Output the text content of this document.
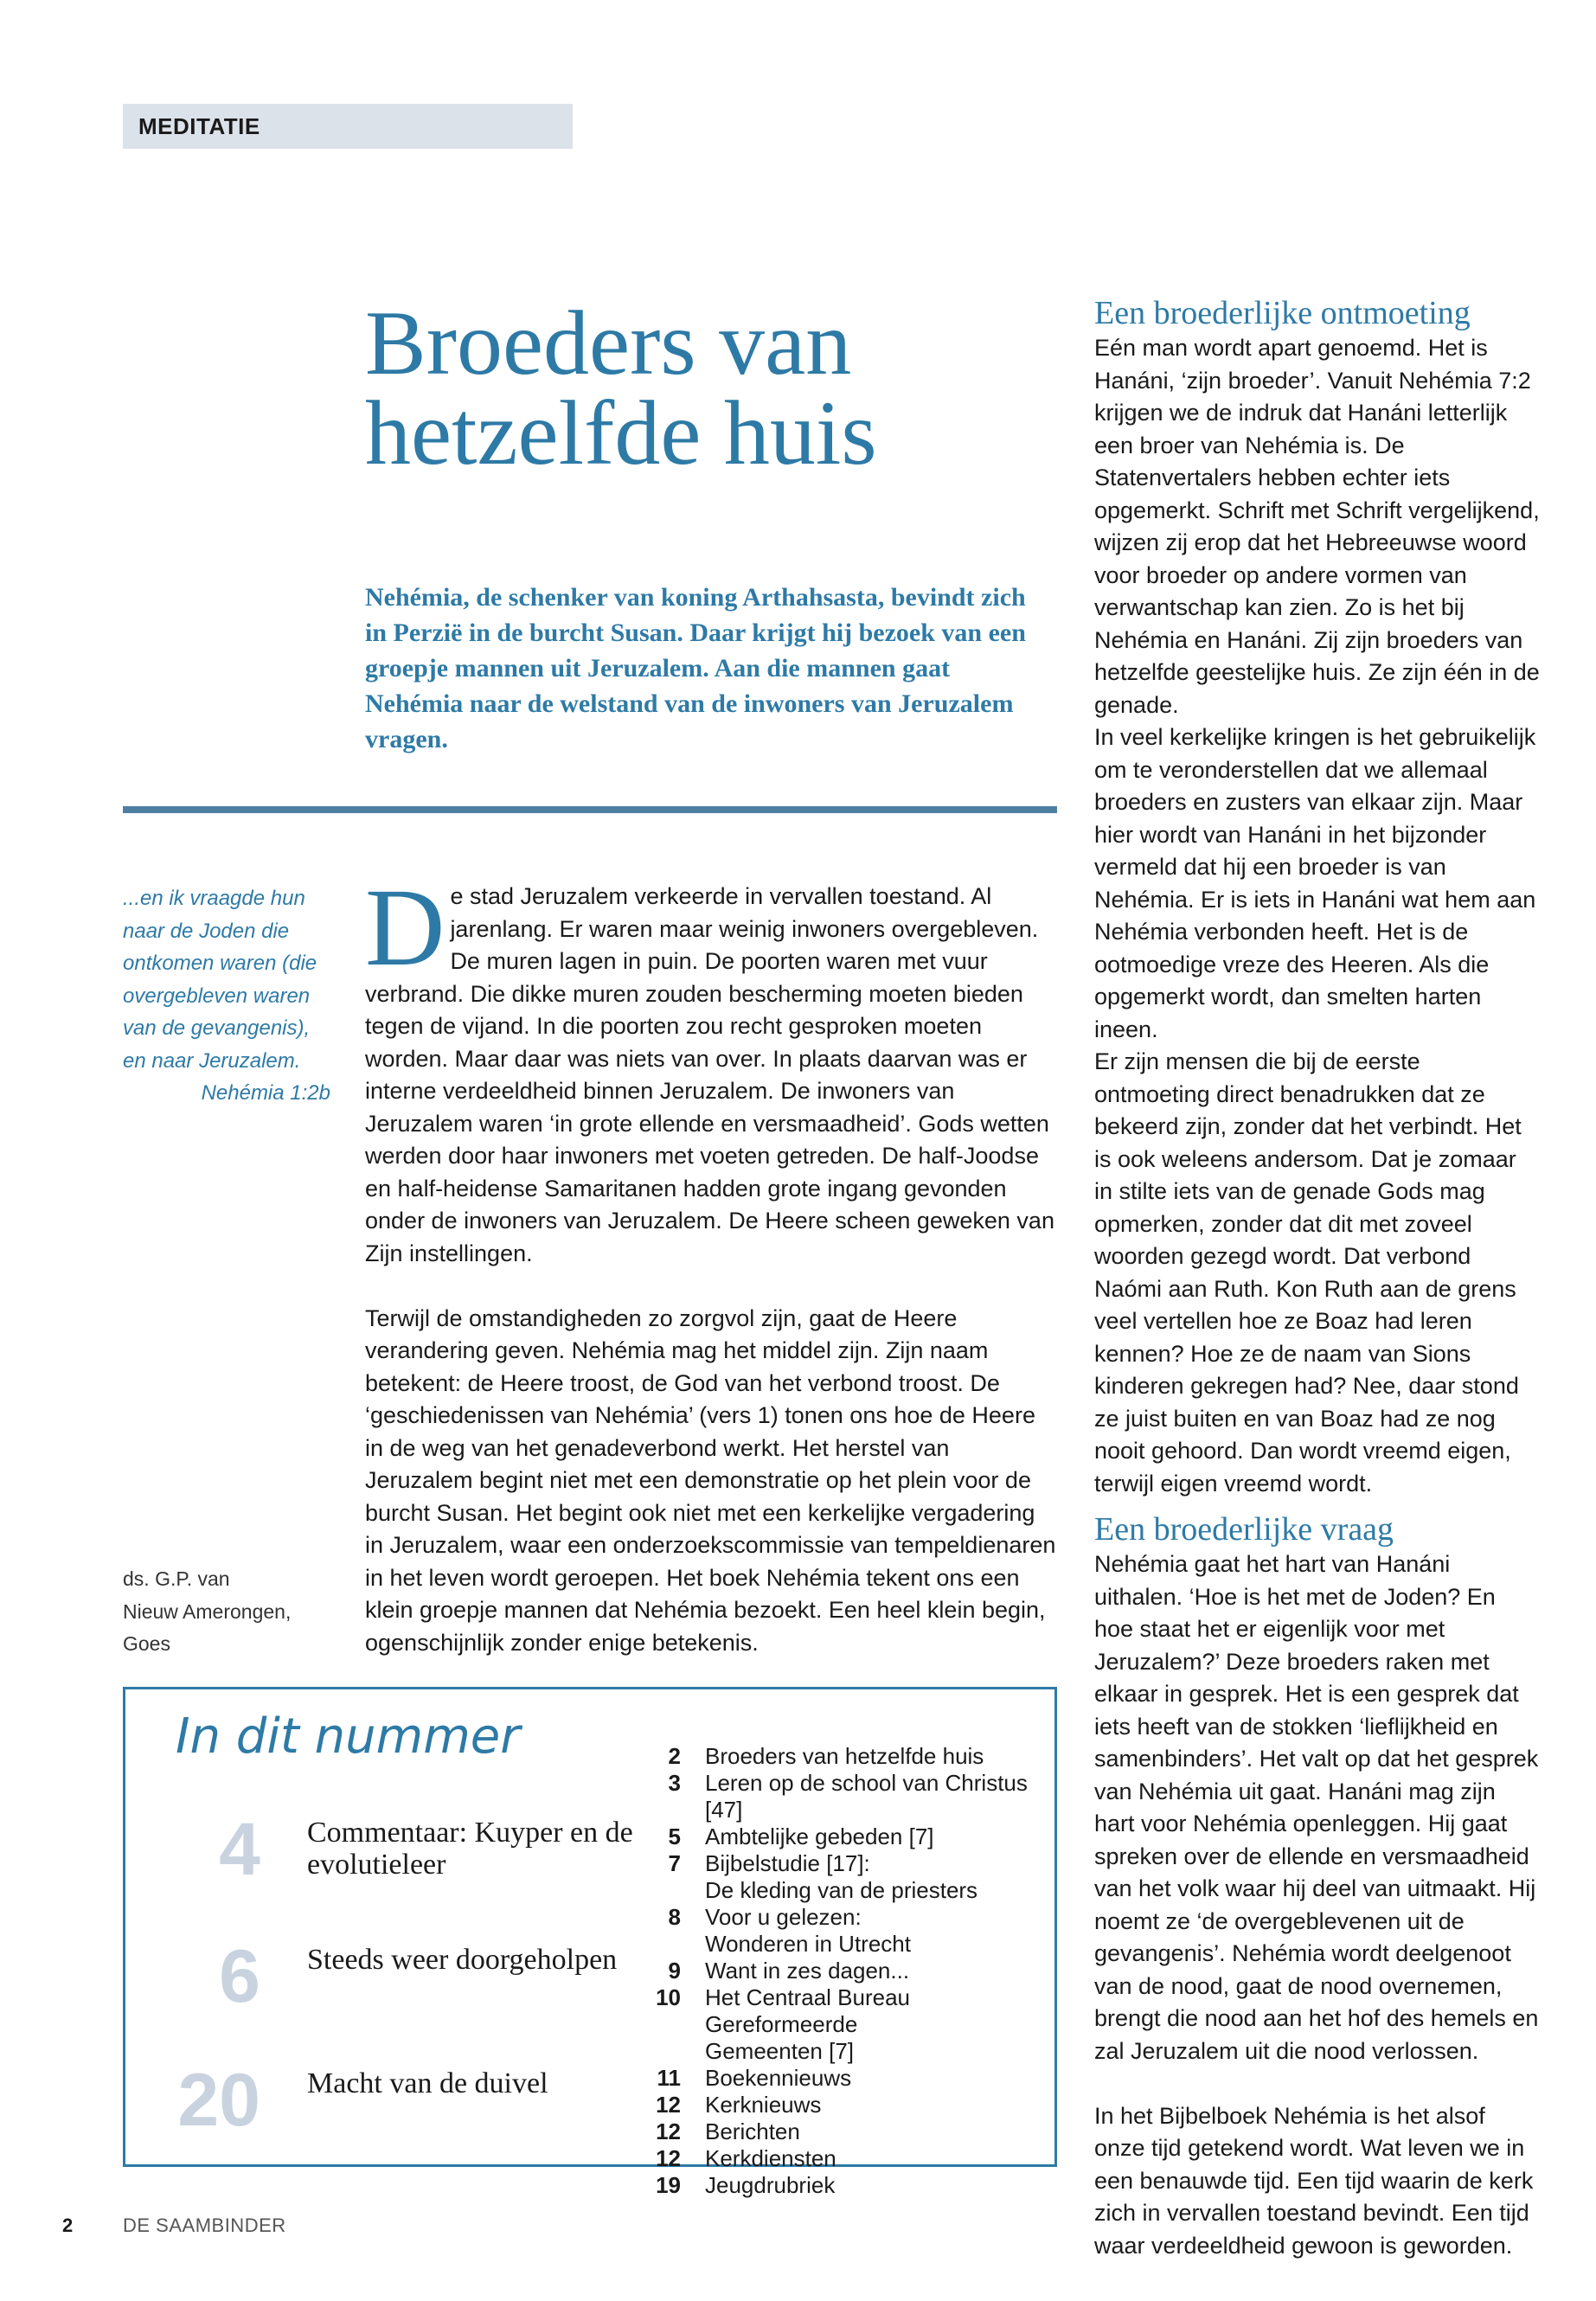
MEDITATIE
Broeders van
hetzelfde huis

Nehémia, de schenker van koning Arthahsasta, bevindt zich in Perzië in de burcht Susan. Daar krijgt hij bezoek van een groepje mannen uit Jeruzalem. Aan die mannen gaat Nehémia naar de welstand van de inwoners van Jeruzalem vragen.

...en ik vraagde hun naar de Joden die ontkomen waren (die overgebleven waren van de gevangenis), en naar Jeruzalem.
Nehémia 1:2b

ds. G.P. van
Nieuw Amerongen,
Goes

De stad Jeruzalem verkeerde in vervallen toestand. Al jarenlang. Er waren maar weinig inwoners overgebleven. De muren lagen in puin. De poorten waren met vuur verbrand. Die dikke muren zouden bescherming moeten bieden tegen de vijand. In die poorten zou recht gesproken moeten worden. Maar daar was niets van over. In plaats daarvan was er interne verdeeldheid binnen Jeruzalem. De inwoners van Jeruzalem waren ‘in grote ellende en versmaadheid’. Gods wetten werden door haar inwoners met voeten getreden. De half-Joodse en half-heidense Samaritanen hadden grote ingang gevonden onder de inwoners van Jeruzalem. De Heere scheen geweken van Zijn instellingen.

Terwijl de omstandigheden zo zorgvol zijn, gaat de Heere verandering geven. Nehémia mag het middel zijn. Zijn naam betekent: de Heere troost, de God van het verbond troost. De ‘geschiedenissen van Nehémia’ (vers 1) tonen ons hoe de Heere in de weg van het genadeverbond werkt. Het herstel van Jeruzalem begint niet met een demonstratie op het plein voor de burcht Susan. Het begint ook niet met een kerkelijke vergadering in Jeruzalem, waar een onderzoekscommissie van tempeldienaren in het leven wordt geroepen. Het boek Nehémia tekent ons een klein groepje mannen dat Nehémia bezoekt. Een heel klein begin, ogenschijnlijk zonder enige betekenis.

Een broederlijke ontmoeting

Eén man wordt apart genoemd. Het is Hanáni, ‘zijn broeder’. Vanuit Nehémia 7:2 krijgen we de indruk dat Hanáni letterlijk een broer van Nehémia is. De Statenvertalers hebben echter iets opgemerkt. Schrift met Schrift vergelijkend, wijzen zij erop dat het Hebreeuwse woord voor broeder op andere vormen van verwantschap kan zien. Zo is het bij Nehémia en Hanáni. Zij zijn broeders van hetzelfde geestelijke huis. Ze zijn één in de genade.

In veel kerkelijke kringen is het gebruikelijk om te veronderstellen dat we allemaal broeders en zusters van elkaar zijn. Maar hier wordt van Hanáni in het bijzonder vermeld dat hij een broeder is van Nehémia. Er is iets in Hanáni wat hem aan Nehémia verbonden heeft. Het is de ootmoedige vreze des Heeren. Als die opgemerkt wordt, dan smelten harten ineen.

Er zijn mensen die bij de eerste ontmoeting direct benadrukken dat ze bekeerd zijn, zonder dat het verbindt. Het is ook weleens andersom. Dat je zomaar in stilte iets van de genade Gods mag opmerken, zonder dat dit met zoveel woorden gezegd wordt. Dat verbond Naómi aan Ruth. Kon Ruth aan de grens veel vertellen hoe ze Boaz had leren kennen? Hoe ze de naam van Sions kinderen gekregen had? Nee, daar stond ze juist buiten en van Boaz had ze nog nooit gehoord. Dan wordt vreemd eigen, terwijl eigen vreemd wordt.

Een broederlijke vraag

Nehémia gaat het hart van Hanáni uithalen. ‘Hoe is het met de Joden? En hoe staat het er eigenlijk voor met Jeruzalem?’ Deze broeders raken met elkaar in gesprek. Het is een gesprek dat iets heeft van de stokken ‘lieflijkheid en samenbinders’. Het valt op dat het gesprek van Nehémia uit gaat. Hanáni mag zijn hart voor Nehémia openleggen. Hij gaat spreken over de ellende en versmaadheid van het volk waar hij deel van uitmaakt. Hij noemt ze ‘de overgeblevenen uit de gevangenis’. Nehémia wordt deelgenoot van de nood, gaat de nood overnemen, brengt die nood aan het hof des hemels en zal Jeruzalem uit die nood verlossen.

In het Bijbelboek Nehémia is het alsof onze tijd getekend wordt. Wat leven we in een benauwde tijd. Een tijd waarin de kerk zich in vervallen toestand bevindt. Een tijd waar verdeeldheid gewoon is geworden.

In dit nummer
4 Commentaar: Kuyper en de evolutieleer
6 Steeds weer doorgeholpen
20 Macht van de duivel
2	Broeders van hetzelfde huis
3	Leren op de school van Christus [47]
5	Ambtelijke gebeden [7]
7	Bijbelstudie [17]:
De kleding van de priesters
8	Voor u gelezen:
Wonderen in Utrecht
9	Want in zes dagen...
10	Het Centraal Bureau Gereformeerde
Gemeenten [7]
11	Boekennieuws
12	Kerknieuws
12	Berichten
12	Kerkdiensten
19	Jeugdrubriek
2	DE SAAMBINDER
